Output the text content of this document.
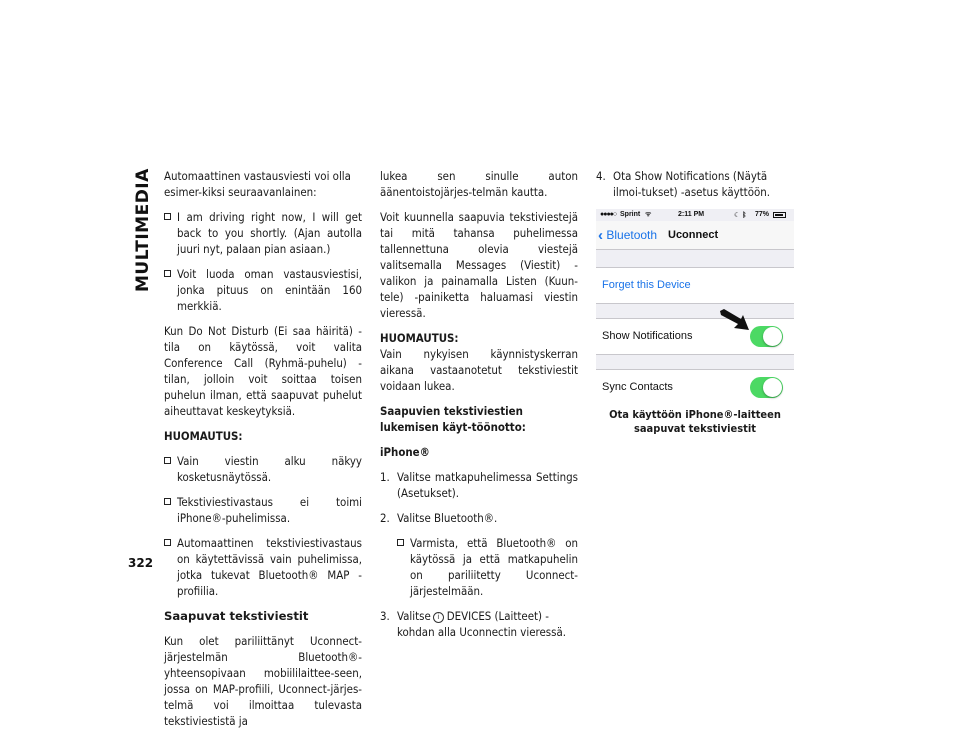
MULTIMEDIA
322

Automaattinen vastausviesti voi olla esimer-kiksi seuraavanlainen:

I am driving right now, I will get back to you shortly. (Ajan autolla juuri nyt, palaan pian asiaan.)
Voit luoda oman vastausviestisi, jonka pituus on enintään 160 merkkiä.

Kun Do Not Disturb (Ei saa häiritä) -tila on käytössä, voit valita Conference Call (Ryhmä-puhelu) -tilan, jolloin voit soittaa toisen puhelun ilman, että saapuvat puhelut aiheuttavat keskeytyksiä.

HUOMAUTUS:
Vain viestin alku näkyy kosketusnäytössä.
Tekstiviestivastaus ei toimi iPhone®-puhelimissa.
Automaattinen tekstiviestivastaus on käytettävissä vain puhelimissa, jotka tukevat Bluetooth® MAP -profiilia.
Saapuvat tekstiviestit

Kun olet pariliittänyt Uconnect-järjestelmän Bluetooth®-yhteensopivaan mobiililaittee-seen, jossa on MAP-profiili, Uconnect-järjes-telmä voi ilmoittaa tulevasta tekstiviestistä ja

lukea sen sinulle auton äänentoistojärjes-telmän kautta.

Voit kuunnella saapuvia tekstiviestejä tai mitä tahansa puhelimessa tallennettuna olevia viestejä valitsemalla Messages (Viestit) -valikon ja painamalla Listen (Kuun-tele) -painiketta haluamasi viestin vieressä.

HUOMAUTUS:

Vain nykyisen käynnistyskerran aikana vastaanotetut tekstiviestit voidaan lukea.

Saapuvien tekstiviestien lukemisen käyt-töönotto:

iPhone®

1. Valitse matkapuhelimessa Settings (Asetukset).
2. Valitse Bluetooth®.
Varmista, että Bluetooth® on käytössä ja että matkapuhelin on pariliitetty Uconnect-järjestelmään.
3. Valitse i DEVICES (Laitteet) -kohdan alla Uconnectin vieressä.
4. Ota Show Notifications (Näytä ilmoi-tukset) -asetus käyttöön.
●●●●○ Sprint ᯤ	2:11 PM	☾ ᛒ 77%
‹ Bluetooth Uconnect
Forget this Device
Show Notifications
Sync Contacts
Ota käyttöön iPhone®-laitteen saapuvat tekstiviestit
